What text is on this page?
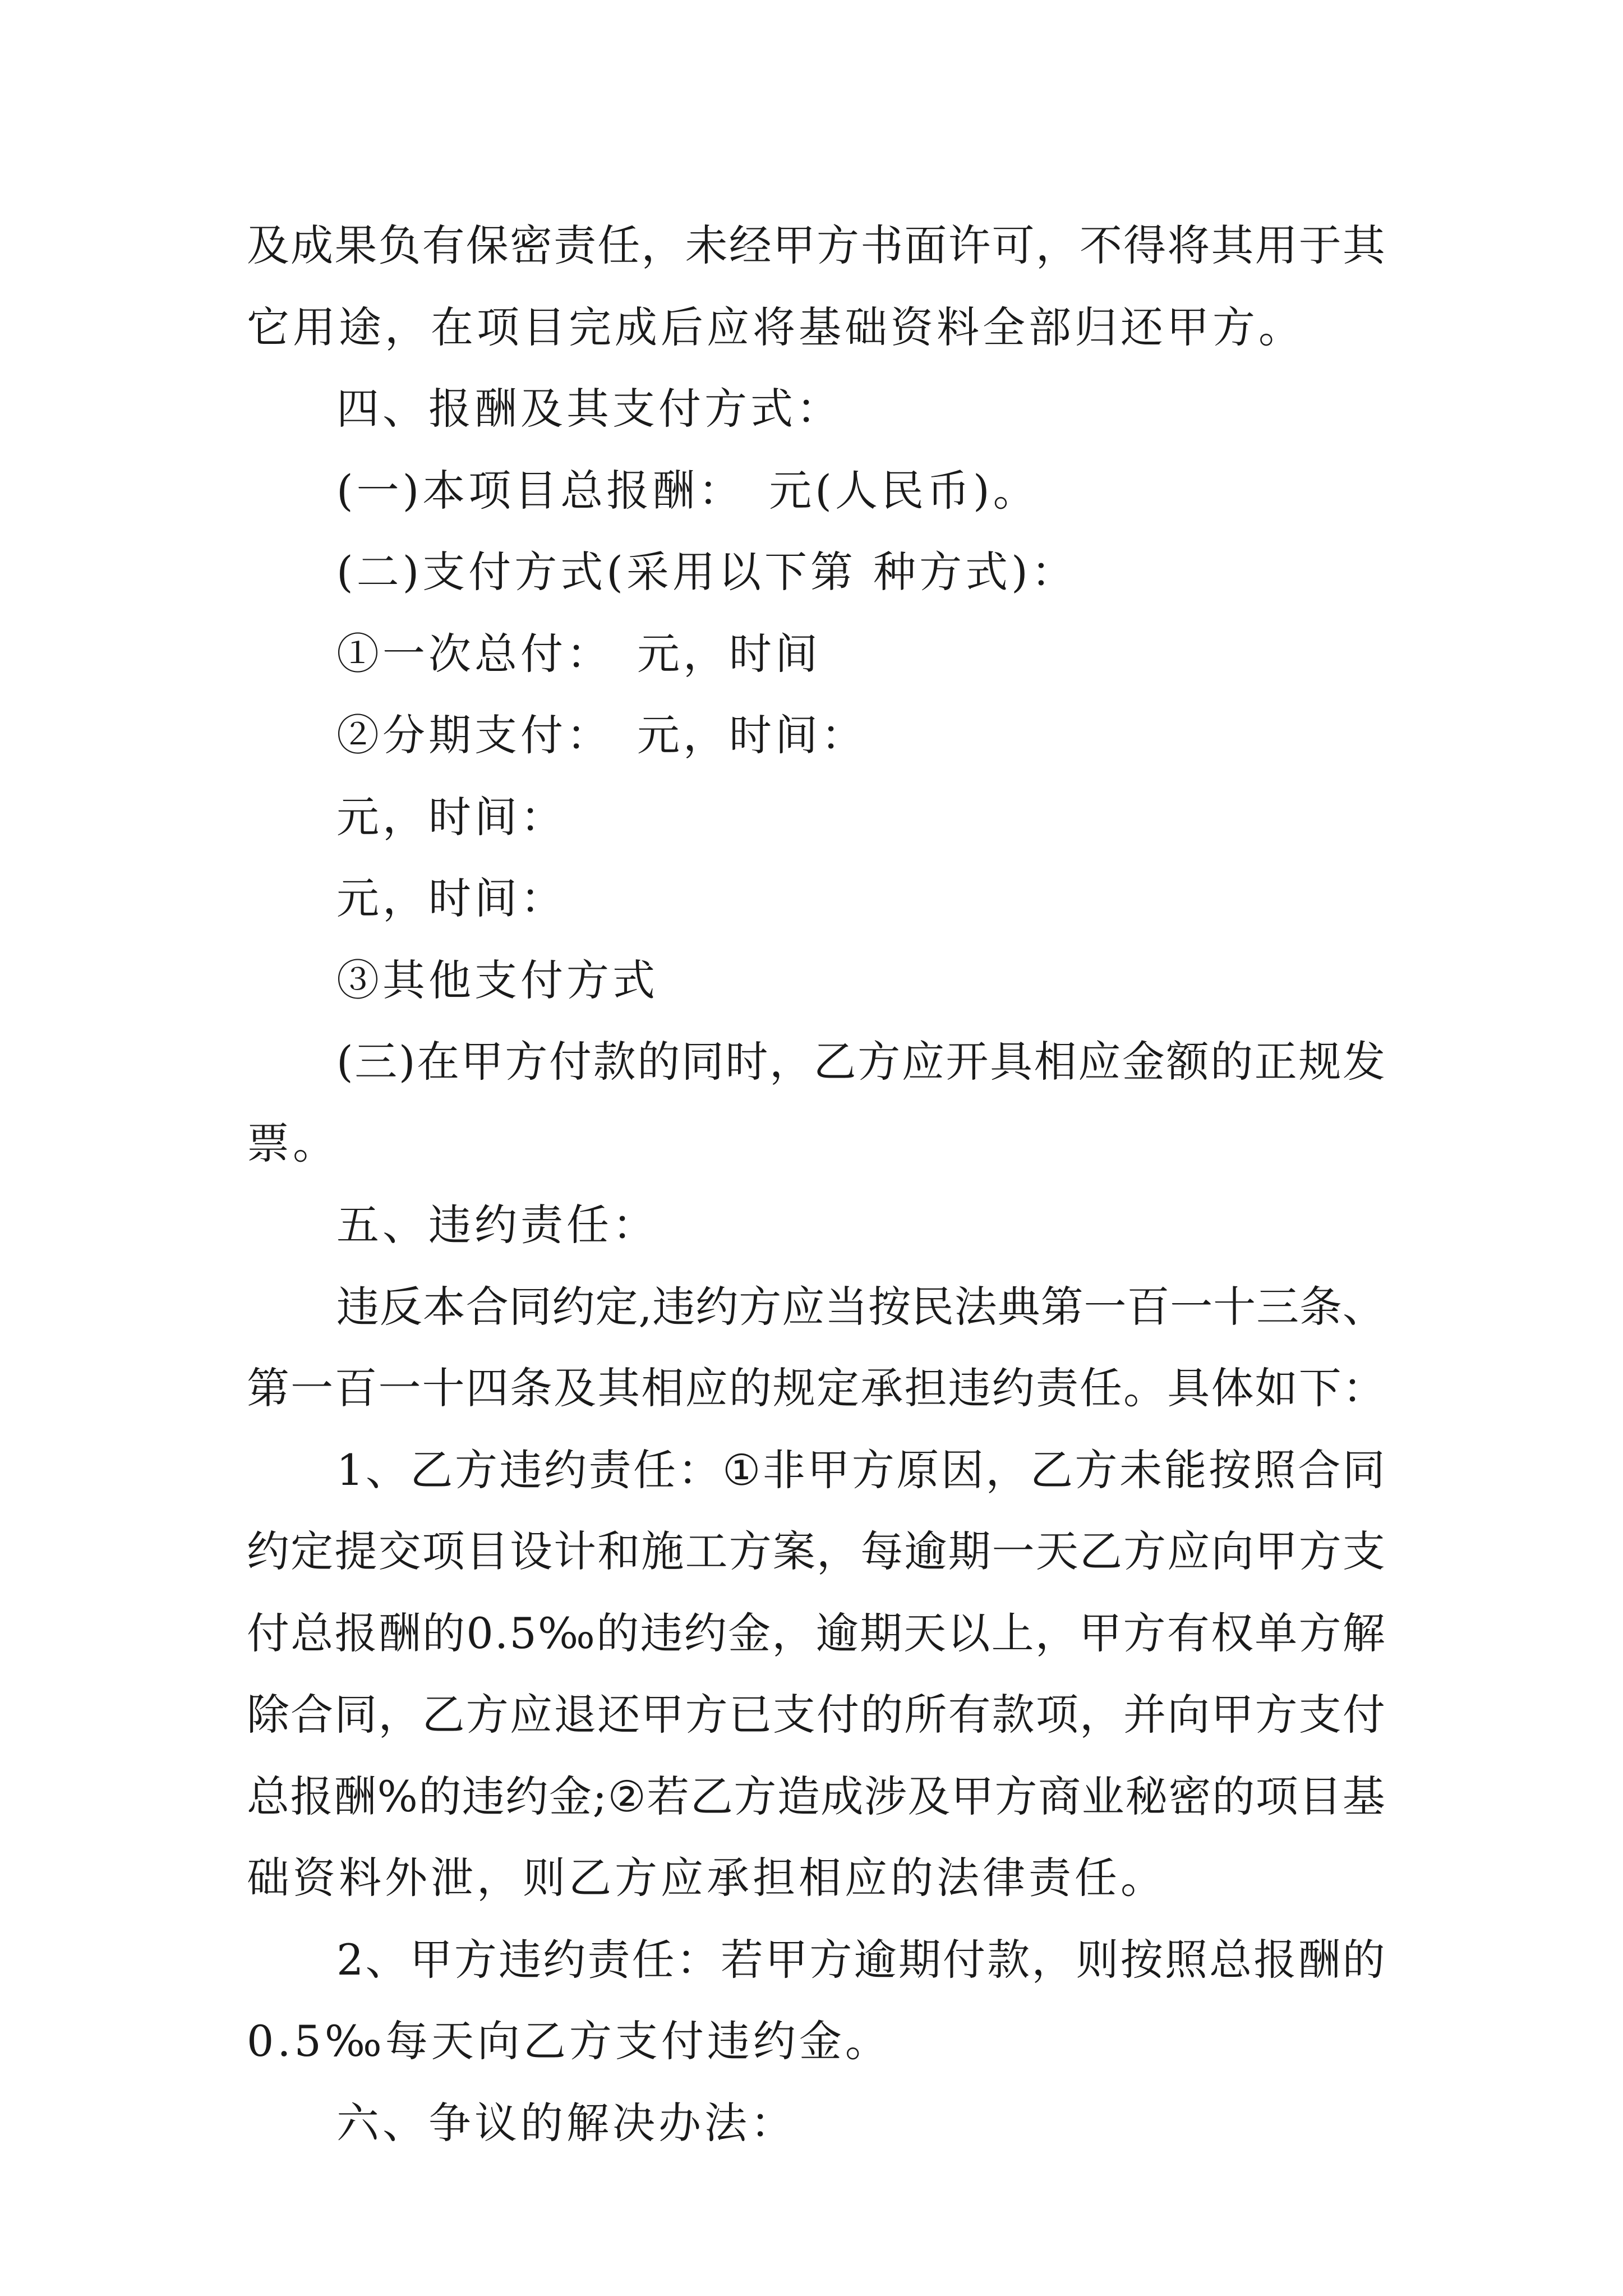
及 成 果 负 有 保 密 责 任 ， 未 经 甲 方 书 面 许 可 ， 不 得 将 其 用 于 其
它用途，在项目完成后应将基础资料全部归还甲方。
四、报酬及其支付方式：
(一)本项目总报酬：　元(人民币)。
(二)支付方式(采用以下第 种方式)：
①一次总付：　元，时间
②分期支付：　元，时间：
元，时间：
元，时间：
③其他支付方式
( 三 ) 在 甲 方 付 款 的 同 时 ， 乙 方 应 开 具 相 应 金 额 的 正 规 发
票。
五、违约责任：
违 反 本 合 同 约 定 , 违 约 方 应 当 按 民 法 典 第 一 百 一 十 三 条 、
第 一 百 一 十 四 条 及 其 相 应 的 规 定 承 担 违 约 责 任 。 具 体 如 下 ：
1 、 乙 方 违 约 责 任 ： ① 非 甲 方 原 因 ， 乙 方 未 能 按 照 合 同
约 定 提 交 项 目 设 计 和 施 工 方 案 ， 每 逾 期 一 天 乙 方 应 向 甲 方 支
付 总 报 酬 的 0 . 5 ‰ 的 违 约 金 ， 逾 期 天 以 上 ， 甲 方 有 权 单 方 解
除 合 同 ， 乙 方 应 退 还 甲 方 已 支 付 的 所 有 款 项 ， 并 向 甲 方 支 付
总 报 酬 % 的 违 约 金 ; ② 若 乙 方 造 成 涉 及 甲 方 商 业 秘 密 的 项 目 基
础资料外泄，则乙方应承担相应的法律责任。
2 、 甲 方 违 约 责 任 ： 若 甲 方 逾 期 付 款 ， 则 按 照 总 报 酬 的
0.5‰每天向乙方支付违约金。
六、争议的解决办法：
